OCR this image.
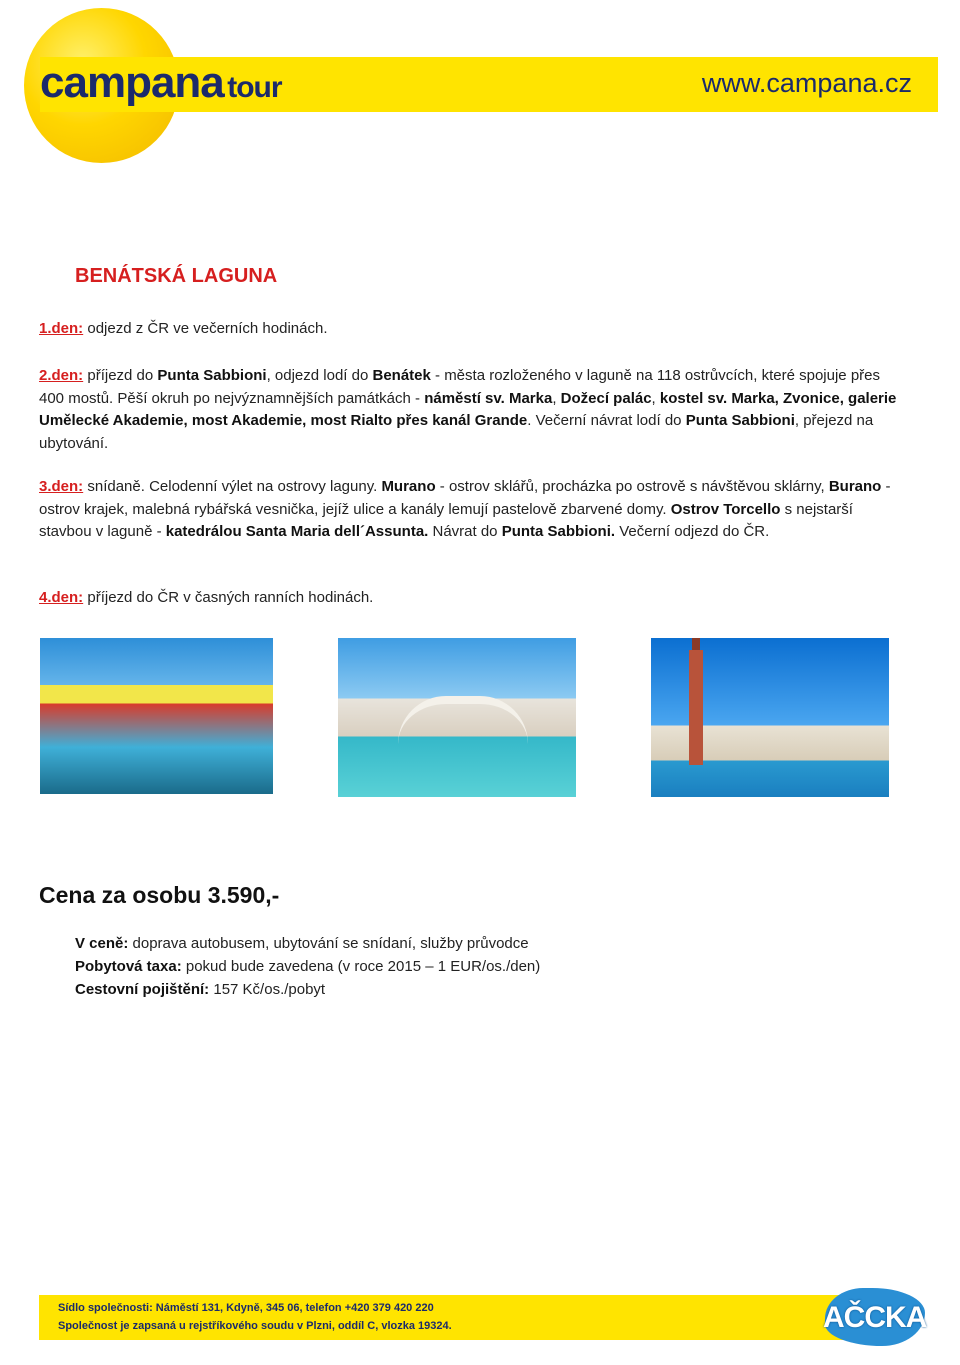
campana tour	www.campana.cz
BENÁTSKÁ LAGUNA
1.den: odjezd z ČR ve večerních hodinách.
2.den: příjezd do Punta Sabbioni, odjezd lodí do Benátek - města rozloženého v laguně na 118 ostrůvcích, které spojuje přes 400 mostů. Pěší okruh po nejvýznamnějších památkách - náměstí sv. Marka, Dožecí palác, kostel sv. Marka, Zvonice, galerie Umělecké Akademie, most Akademie, most Rialto přes kanál Grande. Večerní návrat lodí do Punta Sabbioni, přejezd na ubytování.
3.den: snídaně. Celodenní výlet na ostrovy laguny. Murano - ostrov sklářů, procházka po ostrově s návštěvou sklárny, Burano - ostrov krajek, malebná rybářská vesnička, jejíž ulice a kanály lemují pastelově zbarvené domy. Ostrov Torcello s nejstarší stavbou v laguně - katedrálou Santa Maria dell´Assunta. Návrat do Punta Sabbioni. Večerní odjezd do ČR.
4.den: příjezd do ČR v časných ranních hodinách.
Cena za osobu 3.590,-
V ceně: doprava autobusem, ubytování se snídaní, služby průvodce
Pobytová taxa: pokud bude zavedena (v roce 2015 – 1 EUR/os./den)
Cestovní pojištění: 157 Kč/os./pobyt
Sídlo společnosti: Náměstí 131, Kdyně, 345 06, telefon +420 379 420 220
Společnost je zapsaná u rejstříkového soudu v Plzni, oddíl C, vlozka 19324.	AČCKA
